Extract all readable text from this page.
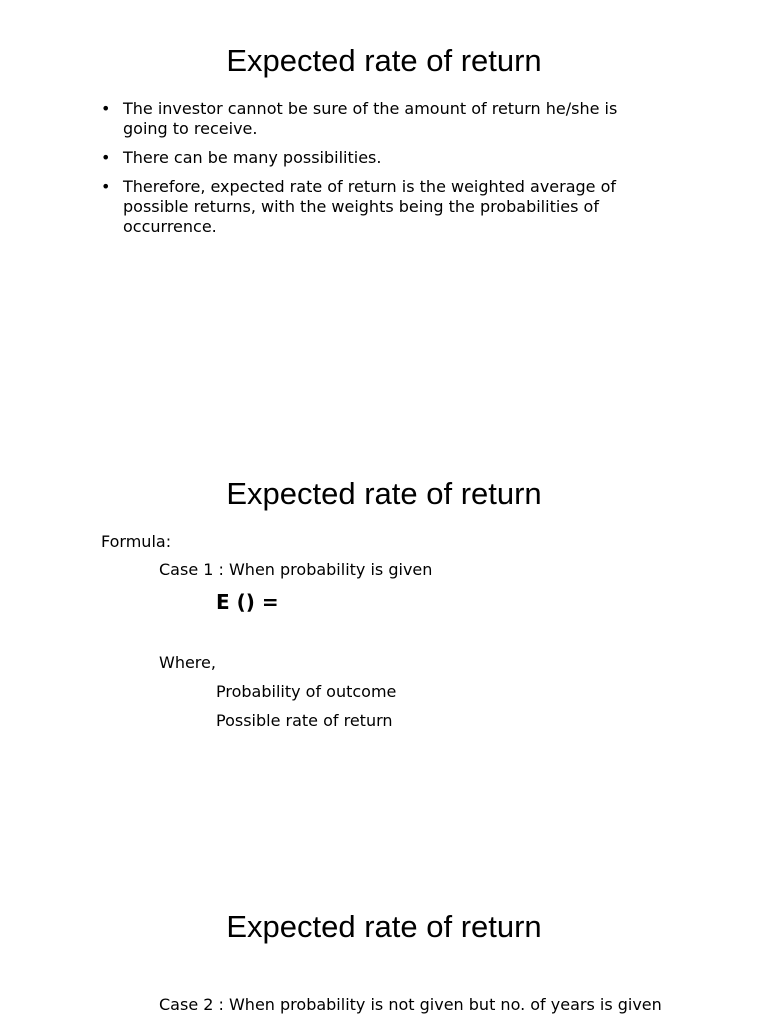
Expected rate of return
• The investor cannot be sure of the amount of return he/she is going to receive.
• There can be many possibilities.
• Therefore, expected rate of return is the weighted average of possible returns, with the weights being the probabilities of occurrence.
Expected rate of return
Formula:
Case 1 : When probability is given
E () =
Where,
Probability of outcome
Possible rate of return
Expected rate of return
Case 2 : When probability is not given but no. of years is given
